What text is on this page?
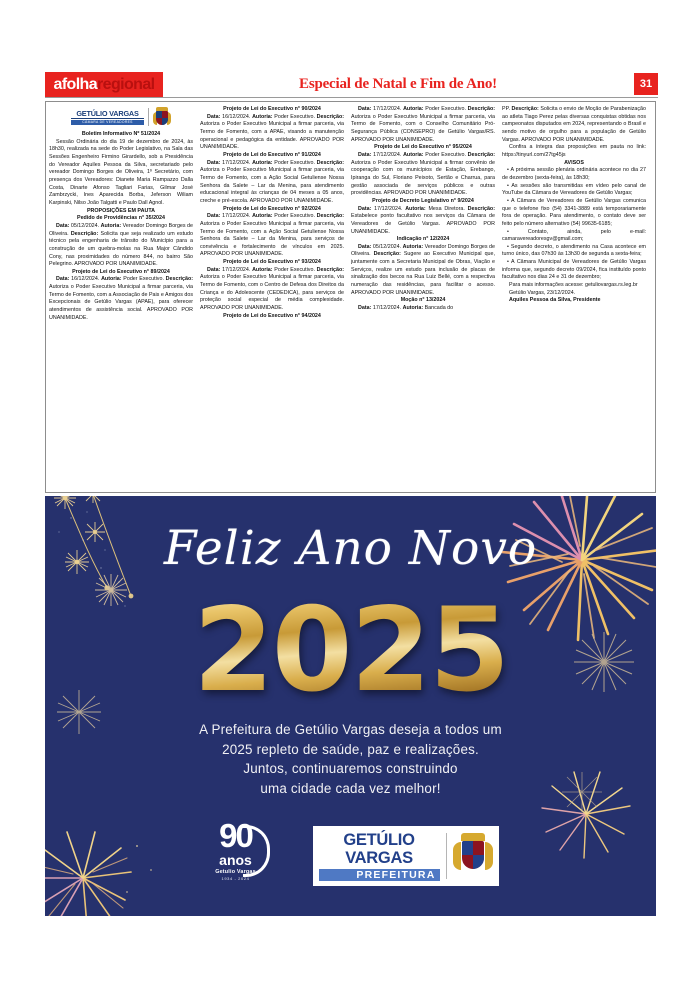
afolharegional	Especial de Natal e Fim de Ano!	31
GETÚLIO VARGAS
CÂMARA DE VEREADORES

Boletim Informativo Nº 51/2024

Sessão Ordinária do dia 19 de dezembro de 2024, às 18h30, realizada na sede do Poder Legislativo, na Sala das Sessões Engenheiro Firmino Girardello, sob a Presidência do Vereador Aquiles Pessoa da Silva, secretariado pelo vereador Domingo Borges de Oliveira, 1º Secretário, com presença dos Vereadores: Dianete Maria Rampazzo Dalla Costa, Dinarte Afonso Tagliari Farias, Gilmar José Zambrzycki, Ines Aparecida Borba, Jeferson Wiliam Karpinski, Nilso João Talgatti e Paulo Dall Agnol.

PROPOSIÇÕES EM PAUTA

Pedido de Providências n° 35/2024

Data: 05/12/2024. Autoria: Vereador Domingo Borges de Oliveira. Descrição: Solicita que seja realizado um estudo técnico pela engenharia de trânsito do Município para a construção de um quebra-molas na Rua Major Cândido Cony, nas proximidades do número 844, no bairro São Pelegrino. APROVADO POR UNANIMIDADE.

Projeto de Lei do Executivo n° 89/2024

Data: 16/12/2024. Autoria: Poder Executivo. Descrição: Autoriza o Poder Executivo Municipal a firmar parceria, via Termo de Fomento, com a Associação de Pais e Amigos dos Excepcionais de Getúlio Vargas (APAE), para oferecer atendimentos de assistência social. APROVADO POR UNANIMIDADE.

Projeto de Lei do Executivo n° 90/2024

Data: 16/12/2024. Autoria: Poder Executivo. Descrição: Autoriza o Poder Executivo Municipal a firmar parceria, via Termo de Fomento, com a APAE, visando a manutenção operacional e pedagógica da entidade. APROVADO POR UNANIMIDADE.

Projeto de Lei do Executivo n° 91/2024

Data: 17/12/2024. Autoria: Poder Executivo. Descrição: Autoriza o Poder Executivo Municipal a firmar parceria, via Termo de Fomento, com a Ação Social Getuliense Nossa Senhora da Salete – Lar da Menina, para atendimento educacional integral às crianças de 04 meses a 05 anos, creche e pré-escola. APROVADO POR UNANIMIDADE.

Projeto de Lei do Executivo n° 92/2024

Data: 17/12/2024. Autoria: Poder Executivo. Descrição: Autoriza o Poder Executivo Municipal a firmar parceria, via Termo de Fomento, com a Ação Social Getuliense Nossa Senhora da Salete – Lar da Menina, para serviços de convivência e fortalecimento de vínculos em 2025. APROVADO POR UNANIMIDADE.

Projeto de Lei do Executivo n° 93/2024

Data: 17/12/2024. Autoria: Poder Executivo. Descrição: Autoriza o Poder Executivo Municipal a firmar parceria, via Termo de Fomento, com o Centro de Defesa dos Direitos da Criança e do Adolescente (CEDEDICA), para serviços de proteção social especial de média complexidade. APROVADO POR UNANIMIDADE.

Projeto de Lei do Executivo n° 94/2024

Data: 17/12/2024. Autoria: Poder Executivo. Descrição: Autoriza o Poder Executivo Municipal a firmar parceria, via Termo de Fomento, com o Conselho Comunitário Pró-Segurança Pública (CONSEPRO) de Getúlio Vargas/RS. APROVADO POR UNANIMIDADE.

Projeto de Lei do Executivo n° 95/2024

Data: 17/12/2024. Autoria: Poder Executivo. Descrição: Autoriza o Poder Executivo Municipal a firmar convênio de cooperação com os municípios de Estação, Erebango, Ipiranga do Sul, Floriano Peixoto, Sertão e Charrua, para gestão associada de serviços públicos e outras providências. APROVADO POR UNANIMIDADE.

Projeto de Decreto Legislativo n° 9/2024

Data: 17/12/2024. Autoria: Mesa Diretora. Descrição: Estabelece ponto facultativo nos serviços da Câmara de Vereadores de Getúlio Vargas. APROVADO POR UNANIMIDADE.

Indicação n° 12/2024

Data: 05/12/2024. Autoria: Vereador Domingo Borges de Oliveira. Descrição: Sugere ao Executivo Municipal que, juntamente com a Secretaria Municipal de Obras, Viação e Serviços, realize um estudo para inclusão de placas de sinalização dos becos na Rua Luiz Bellé, com a respectiva numeração das residências, para facilitar o acesso. APROVADO POR UNANIMIDADE.

Moção n° 13/2024

Data: 17/12/2024. Autoria: Bancada do

PP. Descrição: Solicita o envio de Moção de Parabenização ao atleta Tiago Perez pelas diversas conquistas obtidas nos campeonatos disputados em 2024, representando o Brasil e sendo motivo de orgulho para a população de Getúlio Vargas. APROVADO POR UNANIMIDADE.

Confira a íntegra das proposições em pauta no link: https://tinyurl.com/27tg45js

AVISOS

• A próxima sessão plenária ordinária acontece no dia 27 de dezembro (sexta-feira), às 18h30;

• As sessões são transmitidas em vídeo pelo canal de YouTube da Câmara de Vereadores de Getúlio Vargas;

• A Câmara de Vereadores de Getúlio Vargas comunica que o telefone fixo (54) 3341-3889 está temporariamente fora de operação. Para atendimento, o contato deve ser feito pelo número alternativo (54) 99635-6185;

• Contato, ainda, pelo e-mail: camaravereadoresgv@gmail.com;

• Segundo decreto, o atendimento na Casa acontece em turno único, das 07h30 às 13h30 de segunda a sexta-feira;

• A Câmara Municipal de Vereadores de Getúlio Vargas informa que, segundo decreto 09/2024, fica instituído ponto facultativo nos dias 24 e 31 de dezembro;

Para mais informações acesse: getuliovargas.rs.leg.br

Getúlio Vargas, 23/12/2024.

Aquiles Pessoa da Silva, Presidente

Feliz Ano Novo
2025
A Prefeitura de Getúlio Vargas deseja a todos um
2025 repleto de saúde, paz e realizações.
Juntos, continuaremos construindo
uma cidade cada vez melhor!
90
anos
Getulio Vargas
1934 - 2024
GETÚLIO VARGAS
PREFEITURA
